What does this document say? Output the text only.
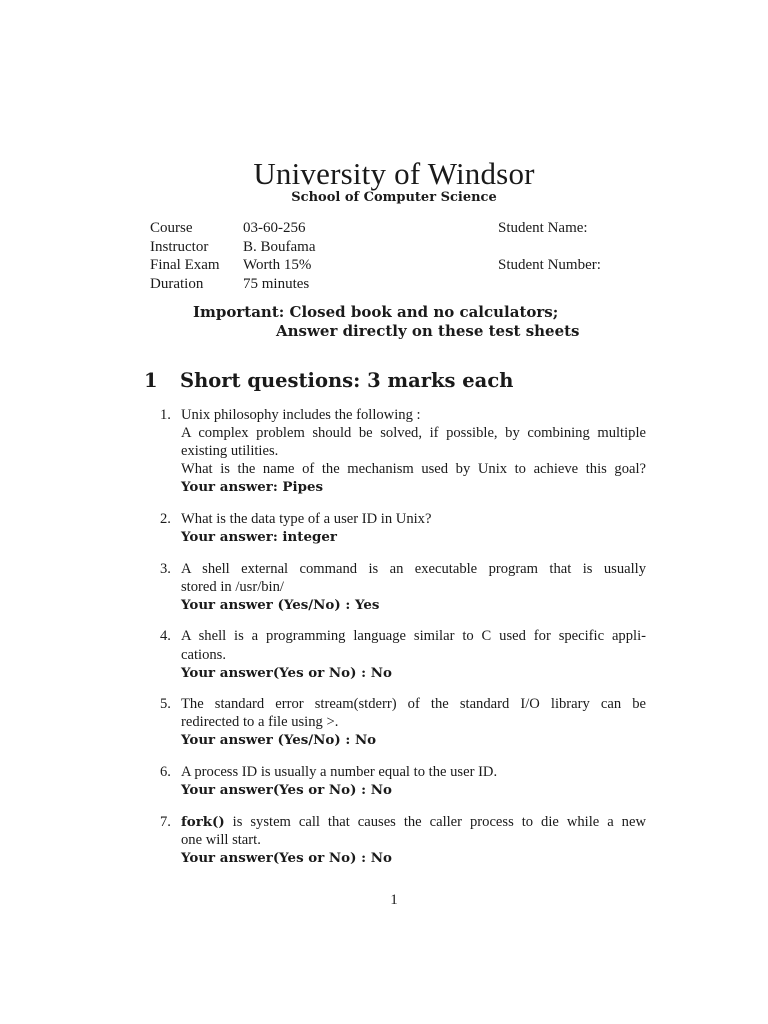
University of Windsor
School of Computer Science
Course	03-60-256	Student Name:
Instructor	B. Boufama
Final Exam	Worth 15%	Student Number:
Duration	75 minutes
Important: Closed book and no calculators;
Answer directly on these test sheets
1 Short questions: 3 marks each
1. Unix philosophy includes the following :
A complex problem should be solved, if possible, by combining multiple
existing utilities.
What is the name of the mechanism used by Unix to achieve this goal?
Your answer: Pipes
2. What is the data type of a user ID in Unix?
Your answer: integer
3. A shell external command is an executable program that is usually
stored in /usr/bin/
Your answer (Yes/No) : Yes
4. A shell is a programming language similar to C used for specific appli-
cations.
Your answer(Yes or No) : No
5. The standard error stream(stderr) of the standard I/O library can be
redirected to a file using >.
Your answer (Yes/No) : No
6. A process ID is usually a number equal to the user ID.
Your answer(Yes or No) : No
7. fork() is system call that causes the caller process to die while a new
one will start.
Your answer(Yes or No) : No
1
